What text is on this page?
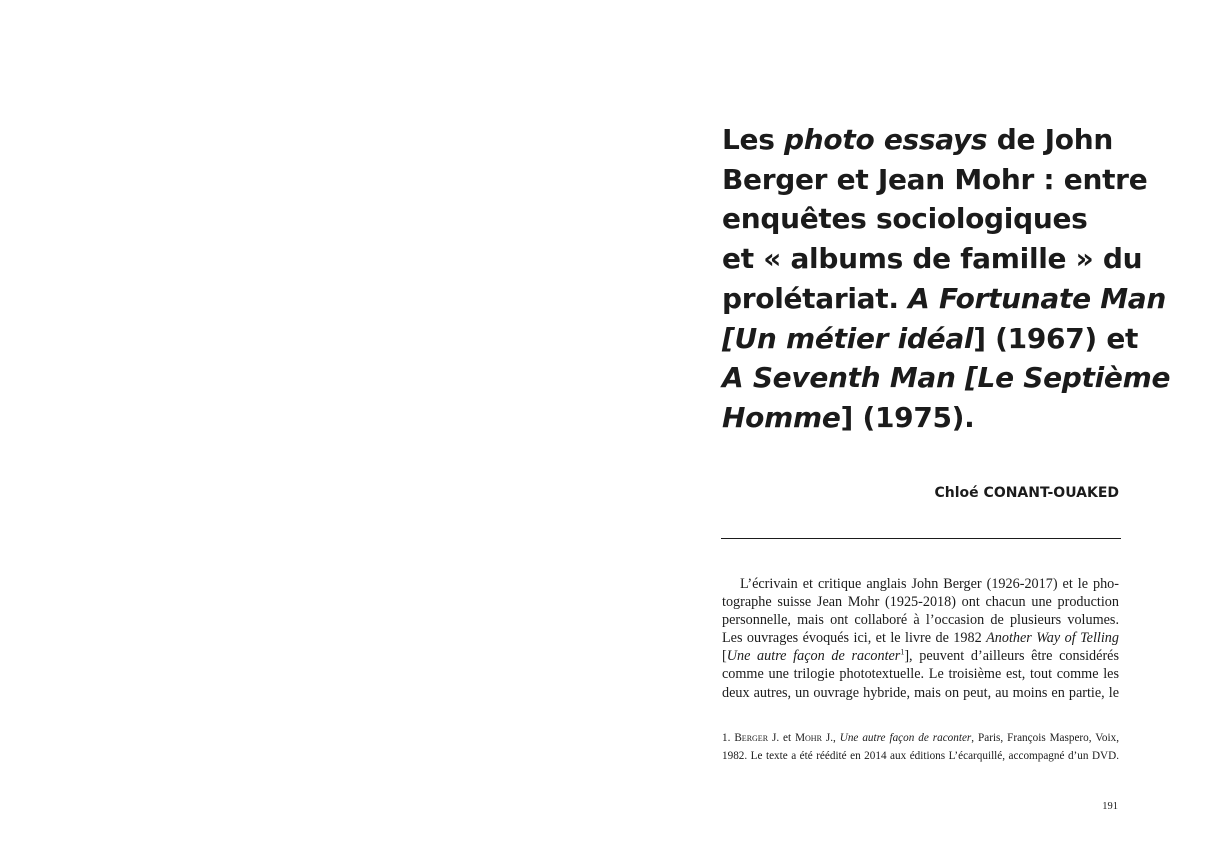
Les photo essays de John
Berger et Jean Mohr : entre
enquêtes sociologiques
et « albums de famille » du
prolétariat. A Fortunate Man
[Un métier idéal] (1967) et
A Seventh Man [Le Septième
Homme] (1975).

Chloé CONANT-OUAKED

L’écrivain et critique anglais John Berger (1926-2017) et le pho-
tographe suisse Jean Mohr (1925-2018) ont chacun une production
personnelle, mais ont collaboré à l’occasion de plusieurs volumes.
Les ouvrages évoqués ici, et le livre de 1982 Another Way of Telling
[Une autre façon de raconter$^1$], peuvent d’ailleurs être considérés
comme une trilogie phototextuelle. Le troisième est, tout comme les
deux autres, un ouvrage hybride, mais on peut, au moins en partie, le
1. Berger J. et Mohr J., Une autre façon de raconter, Paris, François Maspero, Voix,
1982. Le texte a été réédité en 2014 aux éditions L’écarquillé, accompagné d’un DVD.

191
